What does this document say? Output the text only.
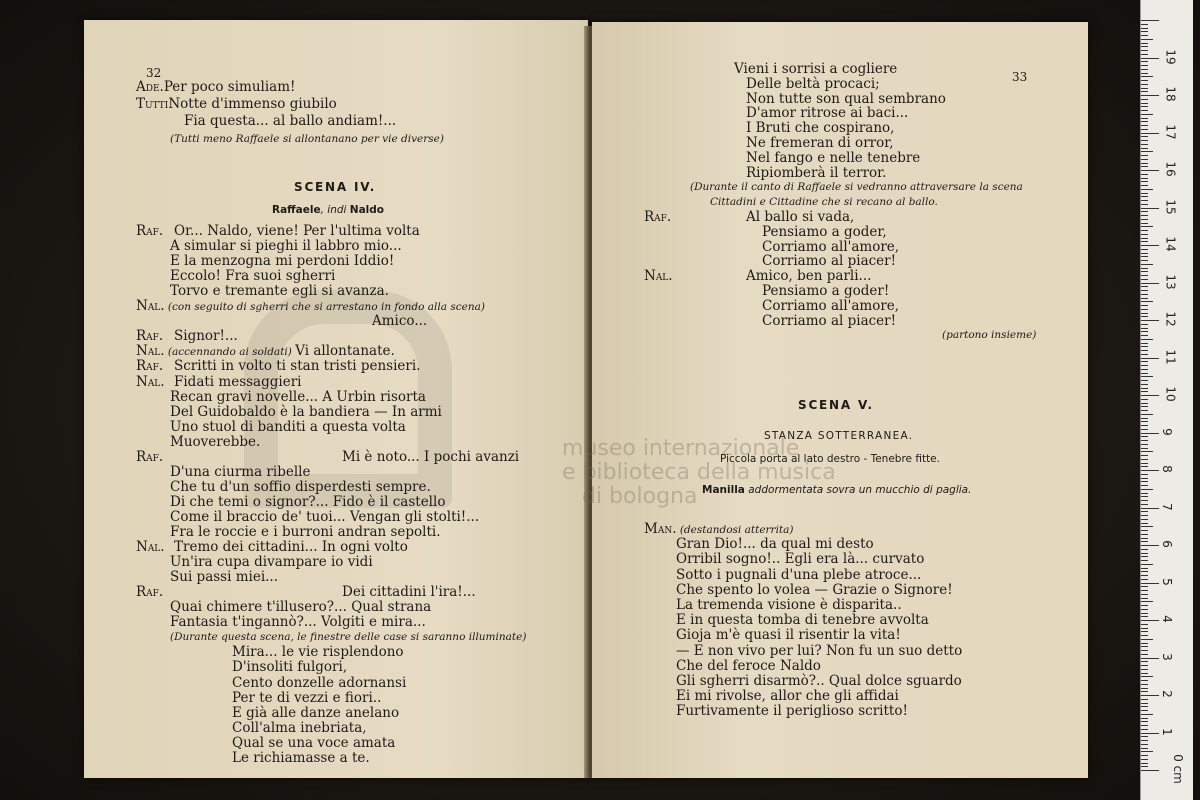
32
Ade.Per poco simuliam!
TuttiNotte d'immenso giubilo
Fia questa... al ballo andiam!...
(Tutti meno Raffaele si allontanano per vie diverse)
SCENA IV.
Raffaele, indi Naldo
Raf. Or... Naldo, viene! Per l'ultima volta
A simular si pieghi il labbro mio...
E la menzogna mi perdoni Iddio!
Eccolo! Fra suoi sgherri
Torvo e tremante egli si avanza.
Nal. (con seguito di sgherri che si arrestano in fondo alla scena)
Amico...
Raf. Signor!...
Nal. (accennando ai soldati) Vi allontanate.
Raf. Scritti in volto ti stan tristi pensieri.
Nal. Fidati messaggieri
Recan gravi novelle... A Urbin risorta
Del Guidobaldo è la bandiera — In armi
Uno stuol di banditi a questa volta
Muoverebbe.
Raf.	Mi è noto... I pochi avanzi
D'una ciurma ribelle
Che tu d'un soffio disperdesti sempre.
Di che temi o signor?... Fido è il castello
Come il braccio de' tuoi... Vengan gli stolti!...
Fra le roccie e i burroni andran sepolti.
Nal. Tremo dei cittadini... In ogni volto
Un'ira cupa divampare io vidi
Sui passi miei...
Raf.	Dei cittadini l'ira!...
Quai chimere t'illusero?... Qual strana
Fantasia t'ingannò?... Volgiti e mira...
(Durante questa scena, le finestre delle case si saranno illuminate)
Mira... le vie risplendono
D'insoliti fulgori,
Cento donzelle adornansi
Per te di vezzi e fiori..
E già alle danze anelano
Coll'alma inebriata,
Qual se una voce amata
Le richiamasse a te.
museo internazionale
e biblioteca della musica
di bologna
33
Vieni i sorrisi a cogliere
Delle beltà procaci;
Non tutte son qual sembrano
D'amor ritrose ai baci...
I Bruti che cospirano,
Ne fremeran di orror,
Nel fango e nelle tenebre
Ripiomberà il terror.
(Durante il canto di Raffaele si vedranno attraversare la scena
Cittadini e Cittadine che si recano al ballo.
Raf.	Al ballo si vada,
Pensiamo a goder,
Corriamo all'amore,
Corriamo al piacer!
Nal.	Amico, ben parli...
Pensiamo a goder!
Corriamo all'amore,
Corriamo al piacer!
(partono insieme)
SCENA V.
STANZA SOTTERRANEA.
Piccola porta al lato destro - Tenebre fitte.
Manilla addormentata sovra un mucchio di paglia.
Man. (destandosi atterrita)
Gran Dio!... da qual mi desto
Orribil sogno!.. Egli era là... curvato
Sotto i pugnali d'una plebe atroce...
Che spento lo volea — Grazie o Signore!
La tremenda visione è disparita..
E in questa tomba di tenebre avvolta
Gioja m'è quasi il risentir la vita!
— E non vivo per lui? Non fu un suo detto
Che del feroce Naldo
Gli sgherri disarmò?.. Qual dolce sguardo
Ei mi rivolse, allor che gli affidai
Furtivamente il periglioso scritto!
0 cm
1
2
3
4
5
6
7
8
9
10
11
12
13
14
15
16
17
18
19
